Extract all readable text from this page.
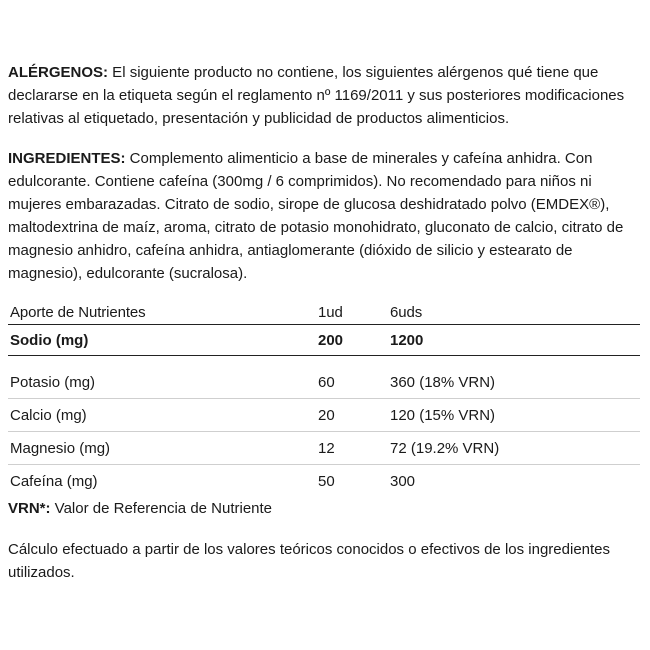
ALÉRGENOS: El siguiente producto no contiene, los siguientes alérgenos qué tiene que declararse en la etiqueta según el reglamento nº 1169/2011 y sus posteriores modificaciones relativas al etiquetado, presentación y publicidad de productos alimenticios.

INGREDIENTES: Complemento alimenticio a base de minerales y cafeína anhidra. Con edulcorante. Contiene cafeína (300mg / 6 comprimidos). No recomendado para niños ni mujeres embarazadas. Citrato de sodio, sirope de glucosa deshidratado polvo (EMDEX®), maltodextrina de maíz, aroma, citrato de potasio monohidrato, gluconato de calcio, citrato de magnesio anhidro, cafeína anhidra, antiaglomerante (dióxido de silicio y estearato de magnesio), edulcorante (sucralosa).

Aporte de Nutrientes	1ud	6uds
Sodio (mg)	200	1200

Potasio (mg)	60	360 (18% VRN)
Calcio (mg)	20	120 (15% VRN)
Magnesio (mg)	12	72 (19.2% VRN)
Cafeína (mg)	50	300

VRN*: Valor de Referencia de Nutriente

Cálculo efectuado a partir de los valores teóricos conocidos o efectivos de los ingredientes utilizados.
